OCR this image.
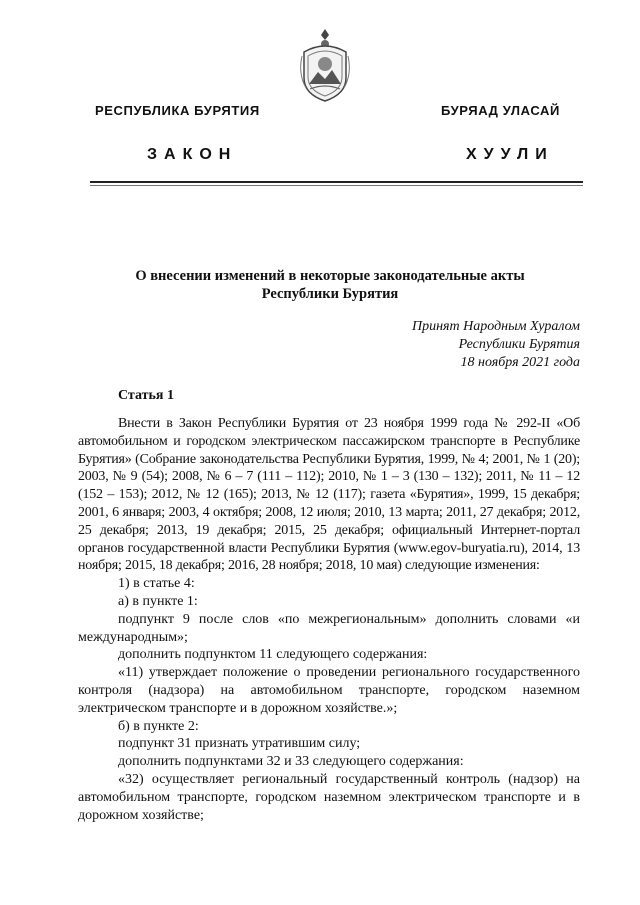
РЕСПУБЛИКА БУРЯТИЯ	БУРЯАД УЛАСАЙ
ЗАКОН	ХУУЛИ
О внесении изменений в некоторые законодательные акты
Республики Бурятия
Принят Народным Хуралом
Республики Бурятия
18 ноября 2021 года
Статья 1

Внести в Закон Республики Бурятия от 23 ноября 1999 года № 292-II «Об автомобильном и городском электрическом пассажирском транспорте в Республике Бурятия» (Собрание законодательства Республики Бурятия, 1999, № 4; 2001, № 1 (20); 2003, № 9 (54); 2008, № 6 – 7 (111 – 112); 2010, № 1 – 3 (130 – 132); 2011, № 11 – 12 (152 – 153); 2012, № 12 (165); 2013, № 12 (117); газета «Бурятия», 1999, 15 декабря; 2001, 6 января; 2003, 4 октября; 2008, 12 июля; 2010, 13 марта; 2011, 27 декабря; 2012, 25 декабря; 2013, 19 декабря; 2015, 25 декабря; официальный Интернет-портал органов государственной власти Республики Бурятия (www.egov-buryatia.ru), 2014, 13 ноября; 2015, 18 декабря; 2016, 28 ноября; 2018, 10 мая) следующие изменения:

1) в статье 4:

а) в пункте 1:

подпункт 9 после слов «по межрегиональным» дополнить словами «и международным»;

дополнить подпунктом 11 следующего содержания:

«11) утверждает положение о проведении регионального государственного контроля (надзора) на автомобильном транспорте, городском наземном электрическом транспорте и в дорожном хозяйстве.»;

б) в пункте 2:

подпункт 31 признать утратившим силу;

дополнить подпунктами 32 и 33 следующего содержания:

«32) осуществляет региональный государственный контроль (надзор) на автомобильном транспорте, городском наземном электрическом транспорте и в дорожном хозяйстве;
